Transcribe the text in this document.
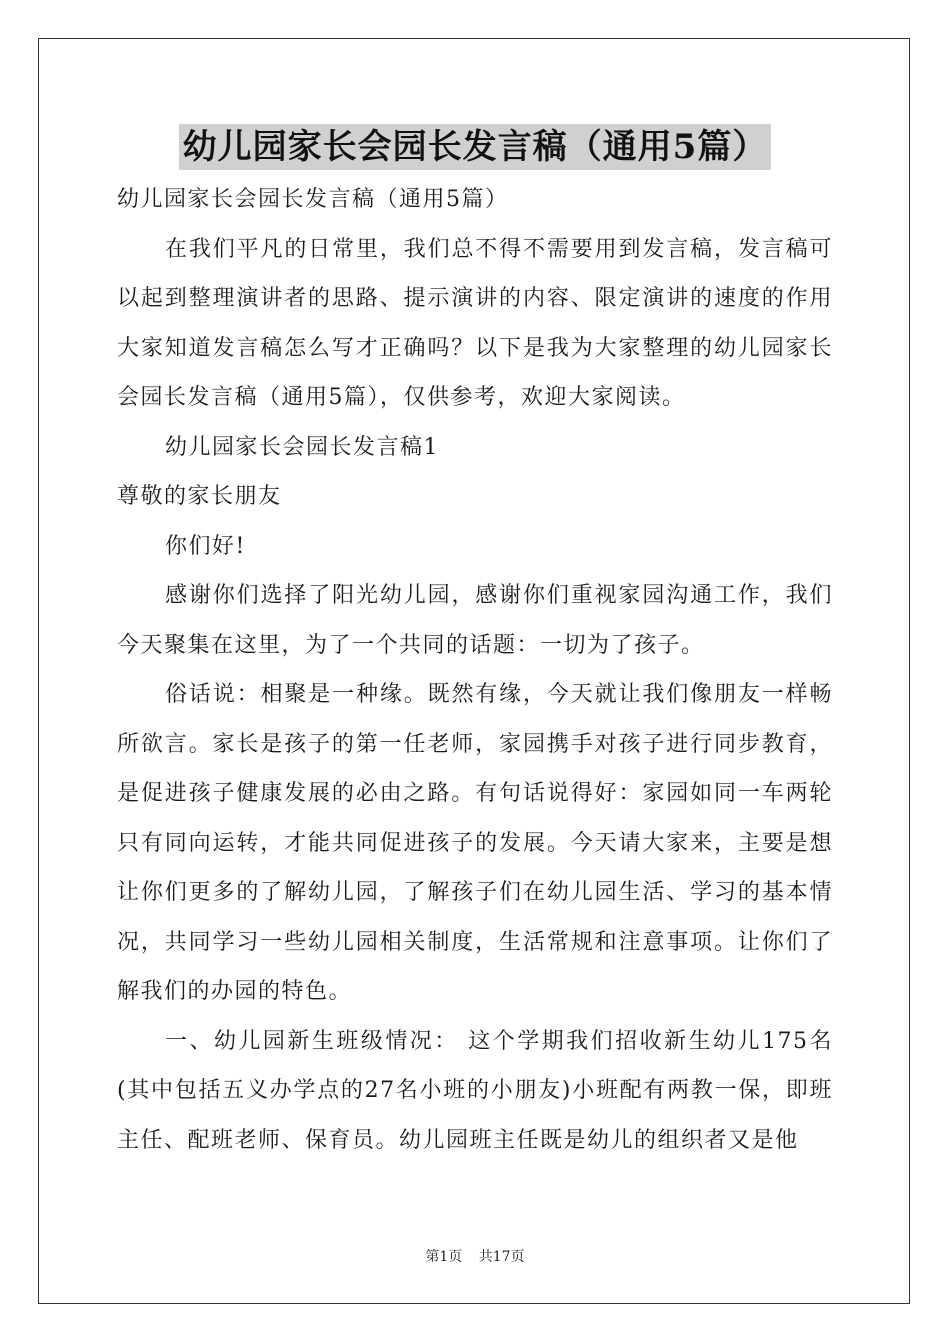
幼儿园家长会园长发言稿（通用5篇）

幼儿园家长会园长发言稿（通用5篇）

在我们平凡的日常里，我们总不得不需要用到发言稿，发言稿可以起到整理演讲者的思路、提示演讲的内容、限定演讲的速度的作用大家知道发言稿怎么写才正确吗？以下是我为大家整理的幼儿园家长会园长发言稿（通用5篇），仅供参考，欢迎大家阅读。

幼儿园家长会园长发言稿1

尊敬的家长朋友

你们好!

感谢你们选择了阳光幼儿园，感谢你们重视家园沟通工作，我们今天聚集在这里，为了一个共同的话题：一切为了孩子。

俗话说：相聚是一种缘。既然有缘，今天就让我们像朋友一样畅所欲言。家长是孩子的第一任老师，家园携手对孩子进行同步教育，是促进孩子健康发展的必由之路。有句话说得好：家园如同一车两轮只有同向运转，才能共同促进孩子的发展。今天请大家来，主要是想让你们更多的了解幼儿园，了解孩子们在幼儿园生活、学习的基本情况，共同学习一些幼儿园相关制度，生活常规和注意事项。让你们了解我们的办园的特色。

一、幼儿园新生班级情况： 这个学期我们招收新生幼儿175名(其中包括五义办学点的27名小班的小朋友)小班配有两教一保，即班主任、配班老师、保育员。幼儿园班主任既是幼儿的组织者又是他

第1页 共17页
